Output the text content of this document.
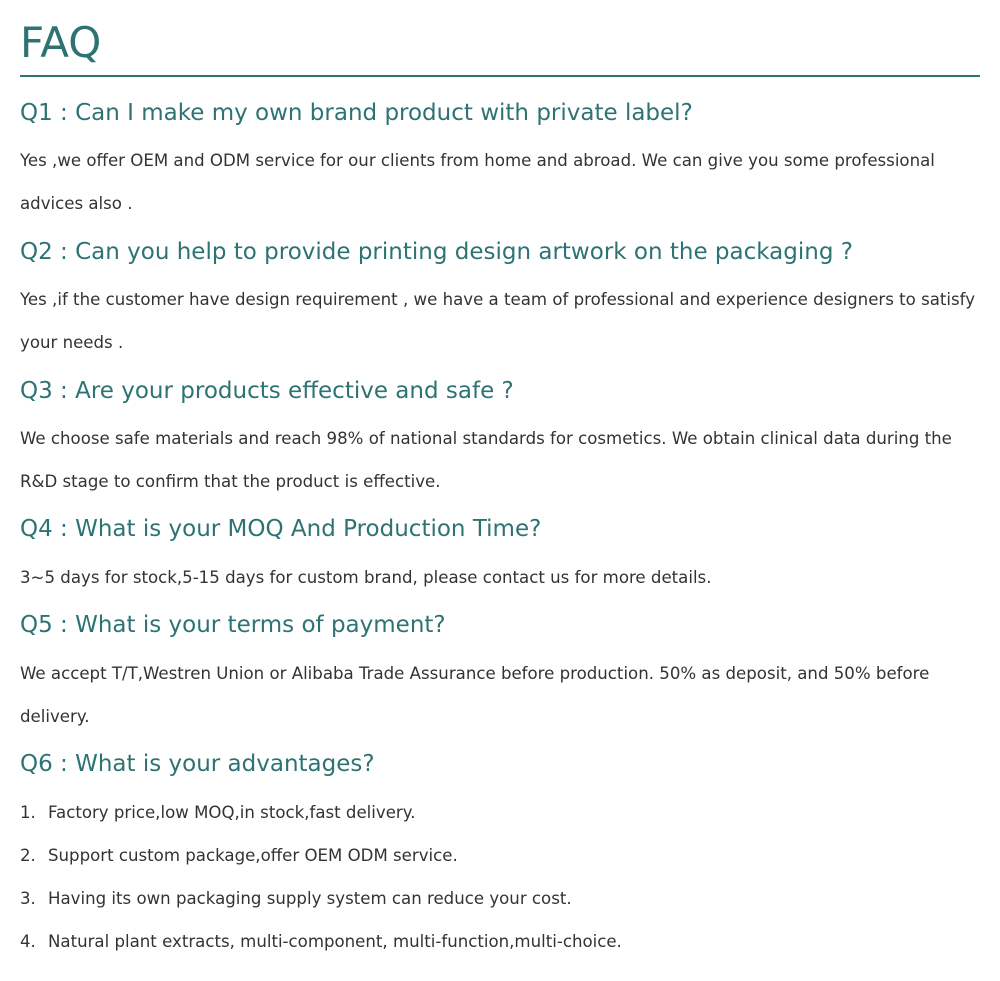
FAQ
Q1 : Can I make my own brand product with private label?

Yes ,we offer OEM and ODM service for our clients from home and abroad. We can give you some professional advices also .

Q2 : Can you help to provide printing design artwork on the packaging ?

Yes ,if the customer have design requirement , we have a team of professional and experience designers to satisfy your needs .

Q3 : Are your products effective and safe ?

We choose safe materials and reach 98% of national standards for cosmetics. We obtain clinical data during the R&D stage to confirm that the product is effective.

Q4 : What is your MOQ And Production Time?

3~5 days for stock,5-15 days for custom brand, please contact us for more details.

Q5 : What is your terms of payment?

We accept T/T,Westren Union or Alibaba Trade Assurance before production. 50% as deposit, and 50% before delivery.

Q6 : What is your advantages?
1. Factory price,low MOQ,in stock,fast delivery.
2. Support custom package,offer OEM ODM service.
3. Having its own packaging supply system can reduce your cost.
4. Natural plant extracts, multi-component, multi-function,multi-choice.
